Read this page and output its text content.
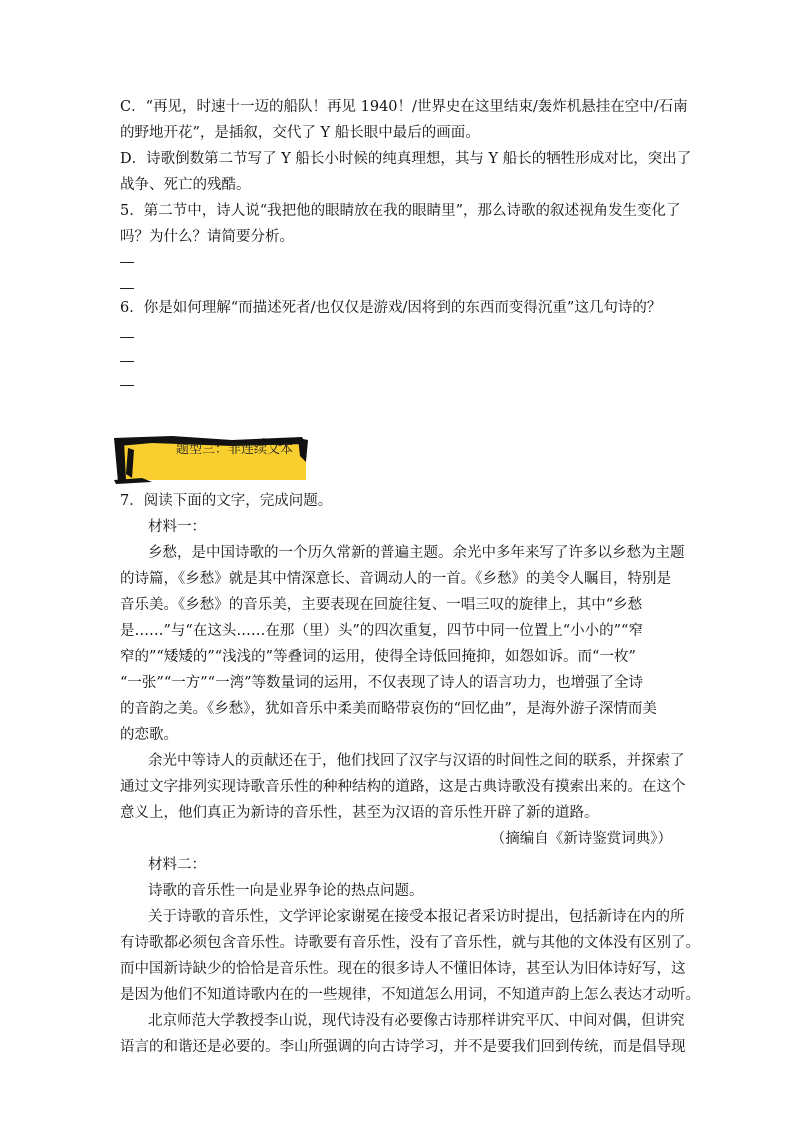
C．“再见，时速十一迈的船队！再见 1940！/世界史在这里结束/轰炸机悬挂在空中/石南
的野地开花”，是插叙，交代了 Y 船长眼中最后的画面。
D．诗歌倒数第二节写了 Y 船长小时候的纯真理想，其与 Y 船长的牺牲形成对比，突出了
战争、死亡的残酷。
5．第二节中，诗人说“我把他的眼睛放在我的眼睛里”，那么诗歌的叙述视角发生变化了
吗？为什么？请简要分析。
6．你是如何理解“而描述死者/也仅仅是游戏/因将到的东西而变得沉重”这几句诗的？
题型三：非连续文本
7．阅读下面的文字，完成问题。
材料一：
乡愁，是中国诗歌的一个历久常新的普遍主题。余光中多年来写了许多以乡愁为主题
的诗篇，《乡愁》就是其中情深意长、音调动人的一首。《乡愁》的美令人瞩目，特别是
音乐美。《乡愁》的音乐美，主要表现在回旋往复、一唱三叹的旋律上，其中“乡愁
是……”与“在这头……在那（里）头”的四次重复，四节中同一位置上“小小的”“窄
窄的”“矮矮的”“浅浅的”等叠词的运用，使得全诗低回掩抑，如怨如诉。而“一枚”
“一张”“一方”“一湾”等数量词的运用，不仅表现了诗人的语言功力，也增强了全诗
的音韵之美。《乡愁》，犹如音乐中柔美而略带哀伤的“回忆曲”，是海外游子深情而美
的恋歌。
余光中等诗人的贡献还在于，他们找回了汉字与汉语的时间性之间的联系，并探索了
通过文字排列实现诗歌音乐性的种种结构的道路，这是古典诗歌没有摸索出来的。在这个
意义上，他们真正为新诗的音乐性，甚至为汉语的音乐性开辟了新的道路。
（摘编自《新诗鉴赏词典》）
材料二：
诗歌的音乐性一向是业界争论的热点问题。
关于诗歌的音乐性，文学评论家谢冕在接受本报记者采访时提出，包括新诗在内的所
有诗歌都必须包含音乐性。诗歌要有音乐性，没有了音乐性，就与其他的文体没有区别了。
而中国新诗缺少的恰恰是音乐性。现在的很多诗人不懂旧体诗，甚至认为旧体诗好写，这
是因为他们不知道诗歌内在的一些规律，不知道怎么用词，不知道声韵上怎么表达才动听。
北京师范大学教授李山说，现代诗没有必要像古诗那样讲究平仄、中间对偶，但讲究
语言的和谐还是必要的。李山所强调的向古诗学习，并不是要我们回到传统，而是倡导现
